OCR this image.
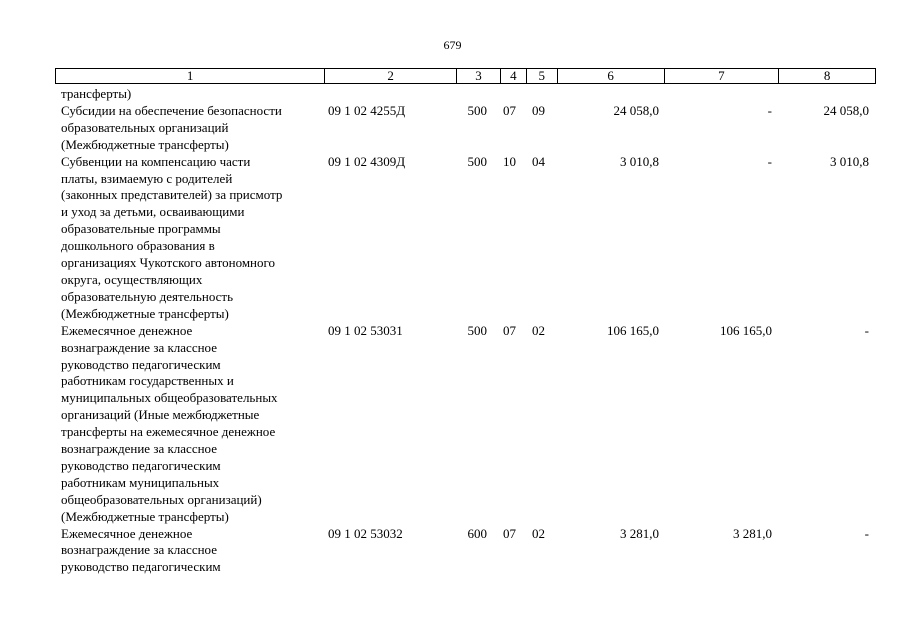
679
1	2	3	4	5	6	7	8
трансферты)
Субсидии на обеспечение безопасности
образовательных организаций
(Межбюджетные трансферты)
09 1 02 4255Д	500 07 09	24 058,0	-	24 058,0
Субвенции на компенсацию части
платы, взимаемую с родителей
(законных представителей) за присмотр
и уход за детьми, осваивающими
образовательные программы
дошкольного образования в
организациях Чукотского автономного
округа, осуществляющих
образовательную деятельность
(Межбюджетные трансферты)
09 1 02 4309Д	500 10 04	3 010,8	-	3 010,8
Ежемесячное денежное
вознаграждение за классное
руководство педагогическим
работникам государственных и
муниципальных общеобразовательных
организаций (Иные межбюджетные
трансферты на ежемесячное денежное
вознаграждение за классное
руководство педагогическим
работникам муниципальных
общеобразовательных организаций)
(Межбюджетные трансферты)
09 1 02 53031	500 07 02	106 165,0	106 165,0	-
Ежемесячное денежное
вознаграждение за классное
руководство педагогическим
09 1 02 53032	600 07 02	3 281,0	3 281,0	-
